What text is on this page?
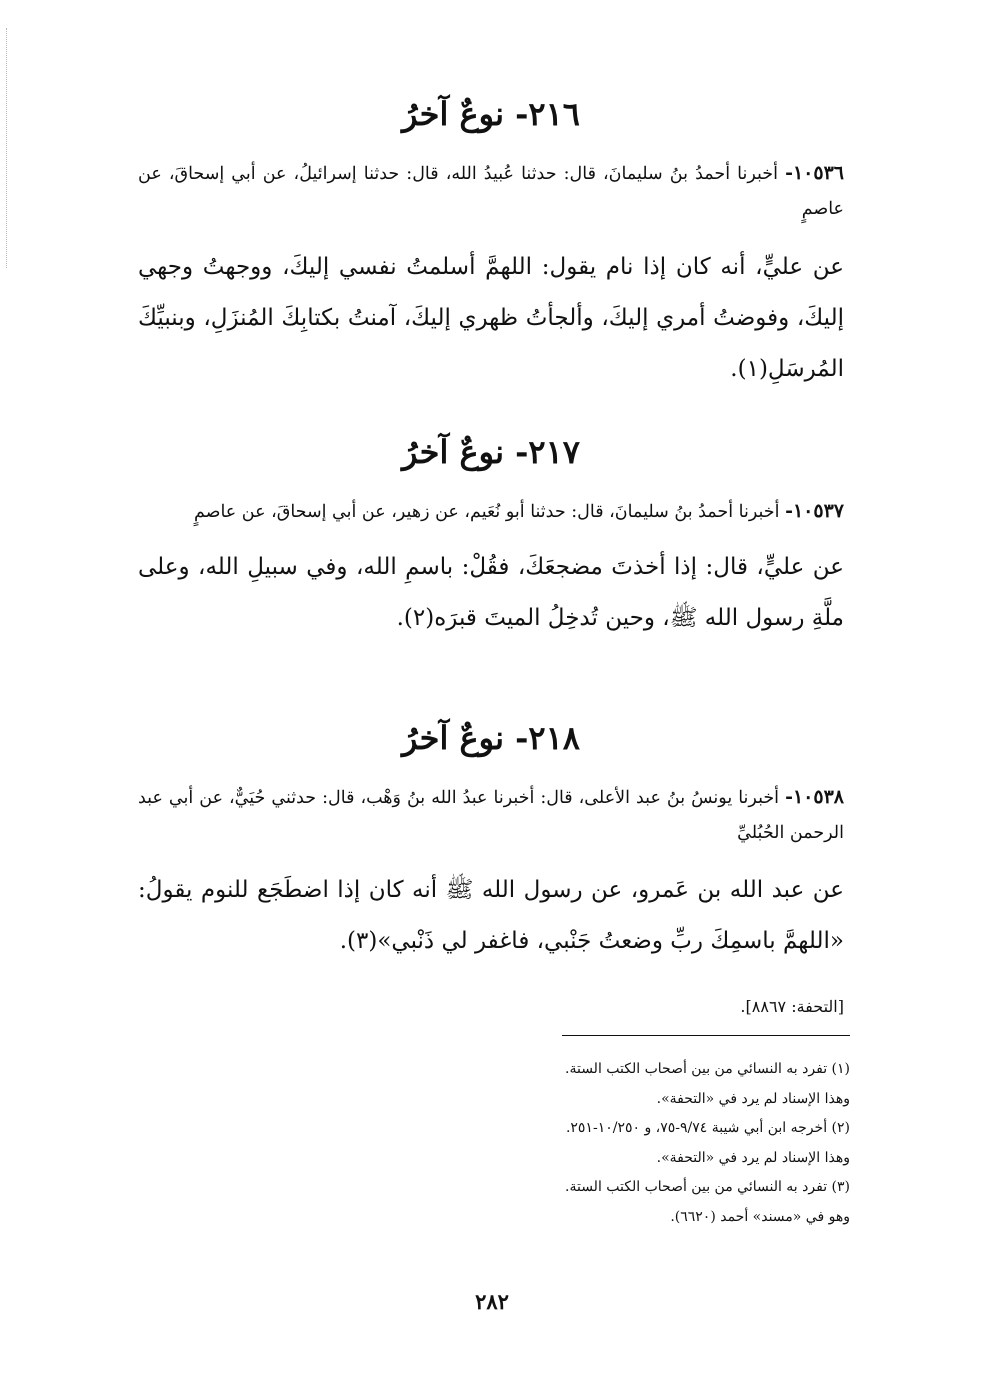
٢١٦- نوعٌ آخرُ
١٠٥٣٦- أخبرنا أحمدُ بنُ سليمانَ، قال: حدثنا عُبيدُ الله، قال: حدثنا إسرائيلُ، عن أبي إسحاقَ، عن عاصمٍ
عن عليٍّ، أنه كان إذا نام يقول: اللهمَّ أسلمتُ نفسي إليكَ، ووجهتُ وجهي إليكَ، وفوضتُ أمري إليكَ، وألجأتُ ظهري إليكَ، آمنتُ بكتابِكَ المُنزَلِ، وبنبيِّكَ المُرسَلِ(١).
٢١٧- نوعٌ آخرُ
١٠٥٣٧- أخبرنا أحمدُ بنُ سليمانَ، قال: حدثنا أبو نُعَيم، عن زهير، عن أبي إسحاقَ، عن عاصمٍ
عن عليٍّ، قال: إذا أخذتَ مضجعَكَ، فقُلْ: باسمِ الله، وفي سبيلِ الله، وعلى ملَّةِ رسول الله ﷺ، وحين تُدخِلُ الميتَ قبرَه(٢).
٢١٨- نوعٌ آخرُ
١٠٥٣٨- أخبرنا يونسُ بنُ عبد الأعلى، قال: أخبرنا عبدُ الله بنُ وَهْب، قال: حدثني حُيَيٌّ، عن أبي عبد الرحمن الحُبُليِّ
عن عبد الله بن عَمرو، عن رسول الله ﷺ أنه كان إذا اضطَجَع للنوم يقولُ: «اللهمَّ باسمِكَ ربِّ وضعتُ جَنْبي، فاغفر لي ذَنْبي»(٣).
[التحفة: ٨٨٦٧].
(١) تفرد به النسائي من بين أصحاب الكتب الستة.
وهذا الإسناد لم يرد في «التحفة».
(٢) أخرجه ابن أبي شيبة ٩/٧٤-٧٥، و ١٠/٢٥٠-٢٥١.
وهذا الإسناد لم يرد في «التحفة».
(٣) تفرد به النسائي من بين أصحاب الكتب الستة.
وهو في «مسند» أحمد (٦٦٢٠).
٢٨٢
